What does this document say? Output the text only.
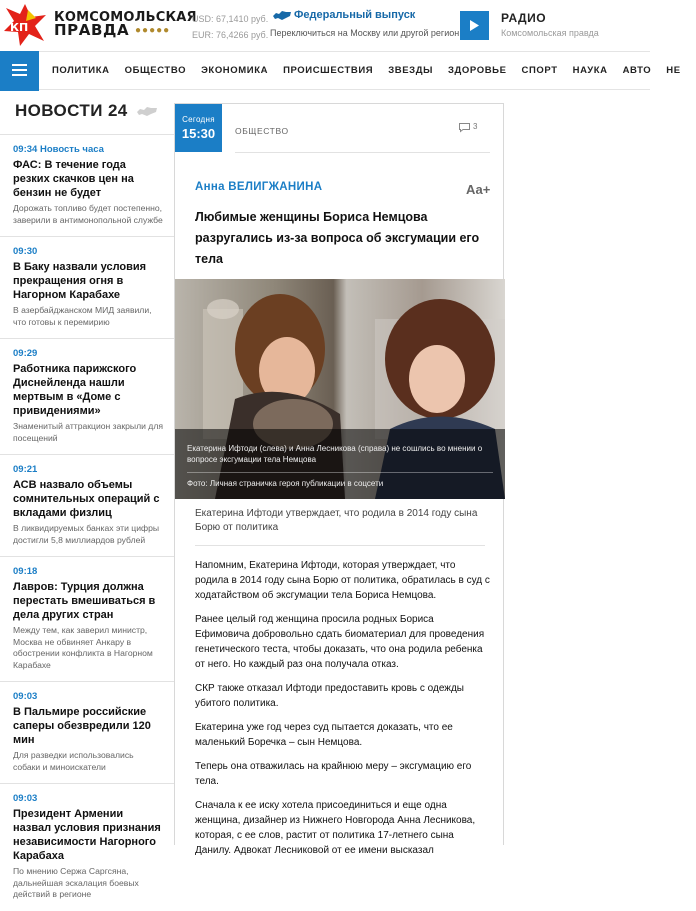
КП
КОМСОМОЛЬСКАЯ
ПРАВДА ●●●●●
USD: 67,1410 руб.
EUR: 76,4266 руб.
Федеральный выпуск
Переключиться на Москву или другой регион
РАДИО
Комсомольская правда
ПОЛИТИКА ОБЩЕСТВО ЭКОНОМИКА ПРОИСШЕСТВИЯ ЗВЕЗДЫ ЗДОРОВЬЕ СПОРТ НАУКА АВТО НЕ
НОВОСТИ 24
09:34 Новость часа
ФАС: В течение года резких скачков цен на бензин не будет
Дорожать топливо будет постепенно, заверили в антимонопольной службе
09:30
В Баку назвали условия прекращения огня в Нагорном Карабахе
В азербайджанском МИД заявили, что готовы к перемирию
09:29
Работника парижского Диснейленда нашли мертвым в «Доме с привидениями»
Знаменитый аттракцион закрыли для посещений
09:21
АСВ назвало объемы сомнительных операций с вкладами физлиц
В ликвидируемых банках эти цифры достигли 5,8 миллиардов рублей
09:18
Лавров: Турция должна перестать вмешиваться в дела других стран
Между тем, как заверил министр, Москва не обвиняет Анкару в обострении конфликта в Нагорном Карабахе
09:03
В Пальмире российские саперы обезвредили 120 мин
Для разведки использовались собаки и миноискатели
09:03
Президент Армении назвал условия признания независимости Нагорного Карабаха
По мнению Сержа Саргсяна, дальнейшая эскалация боевых действий в регионе
Сегодня
15:30	ОБЩЕСТВО	3
Анна ВЕЛИГЖАНИНА	Аа+
Любимые женщины Бориса Немцова разругались из-за вопроса об эксгумации его тела
Екатерина Ифтоди (слева) и Анна Лесникова (справа) не сошлись во мнении о вопросе эксгумации тела Немцова
Фото: Личная страничка героя публикации в соцсети
Екатерина Ифтоди утверждает, что родила в 2014 году сына Борю от политика

Напомним, Екатерина Ифтоди, которая утверждает, что родила в 2014 году сына Борю от политика, обратилась в суд с ходатайством об эксгумации тела Бориса Немцова.

Ранее целый год женщина просила родных Бориса Ефимовича добровольно сдать биоматериал для проведения генетического теста, чтобы доказать, что она родила ребенка от него. Но каждый раз она получала отказ.

СКР также отказал Ифтоди предоставить кровь с одежды убитого политика.

Екатерина уже год через суд пытается доказать, что ее маленький Боречка – сын Немцова.

Теперь она отважилась на крайнюю меру – эксгумацию его тела.

Сначала к ее иску хотела присоединиться и еще одна женщина, дизайнер из Нижнего Новгорода Анна Лесникова, которая, с ее слов, растит от политика 17-летнего сына Данилу. Адвокат Лесниковой от ее имени высказал
